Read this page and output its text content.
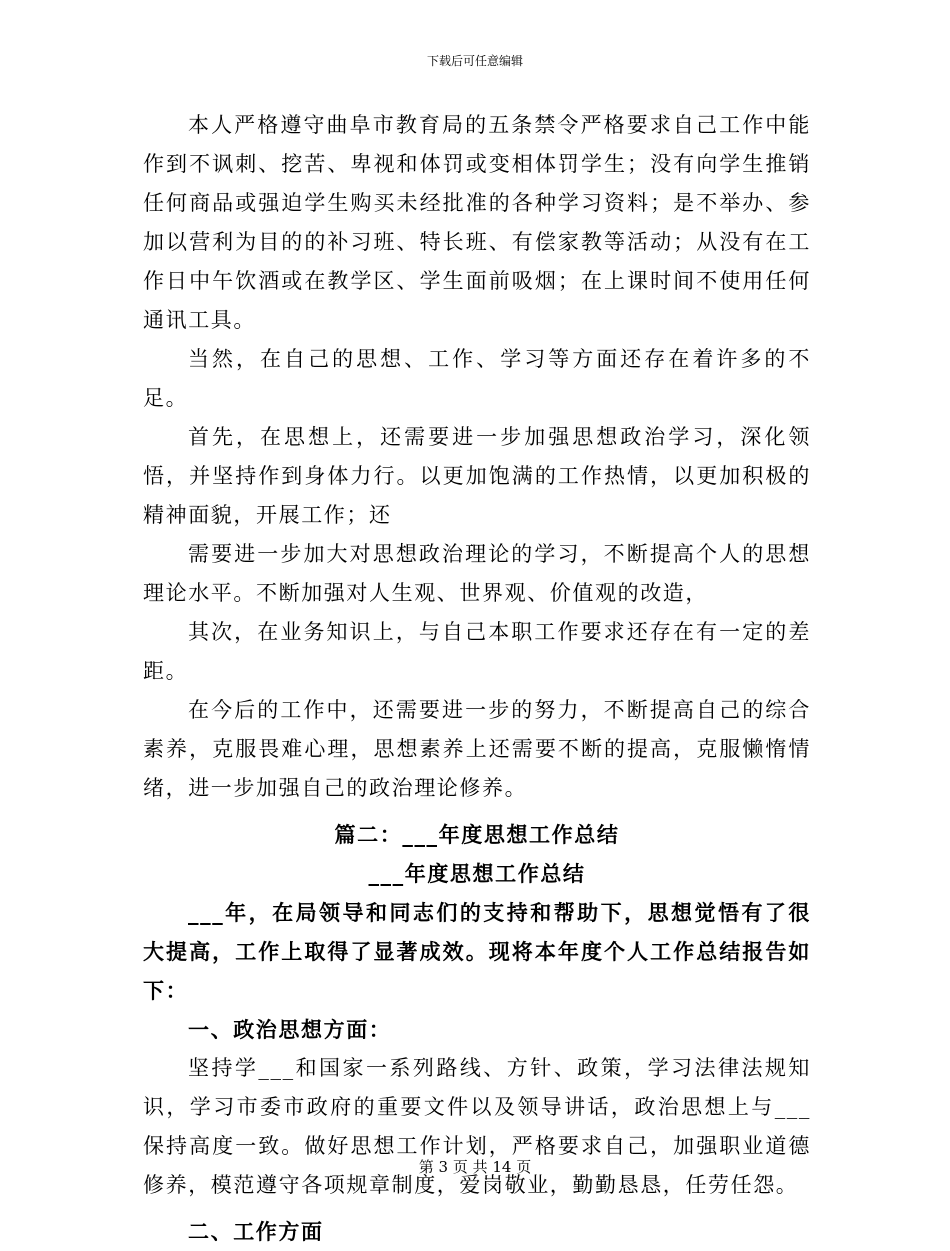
下载后可任意编辑

本人严格遵守曲阜市教育局的五条禁令严格要求自己工作中能作到不讽刺、挖苦、卑视和体罚或变相体罚学生；没有向学生推销任何商品或强迫学生购买未经批准的各种学习资料；是不举办、参加以营利为目的的补习班、特长班、有偿家教等活动；从没有在工作日中午饮酒或在教学区、学生面前吸烟；在上课时间不使用任何通讯工具。

当然，在自己的思想、工作、学习等方面还存在着许多的不足。

首先，在思想上，还需要进一步加强思想政治学习，深化领悟，并坚持作到身体力行。以更加饱满的工作热情，以更加积极的精神面貌，开展工作；还

需要进一步加大对思想政治理论的学习，不断提高个人的思想理论水平。不断加强对人生观、世界观、价值观的改造，

其次，在业务知识上，与自己本职工作要求还存在有一定的差距。

在今后的工作中，还需要进一步的努力，不断提高自己的综合素养，克服畏难心理，思想素养上还需要不断的提高，克服懒惰情绪，进一步加强自己的政治理论修养。

篇二：___年度思想工作总结

___年度思想工作总结

___年，在局领导和同志们的支持和帮助下，思想觉悟有了很大提高，工作上取得了显著成效。现将本年度个人工作总结报告如下：

一、政治思想方面：

坚持学___和国家一系列路线、方针、政策，学习法律法规知识，学习市委市政府的重要文件以及领导讲话，政治思想上与___保持高度一致。做好思想工作计划，严格要求自己，加强职业道德修养，模范遵守各项规章制度，爱岗敬业，勤勤恳恳，任劳任怨。

二、工作方面

第 3 页 共 14 页
